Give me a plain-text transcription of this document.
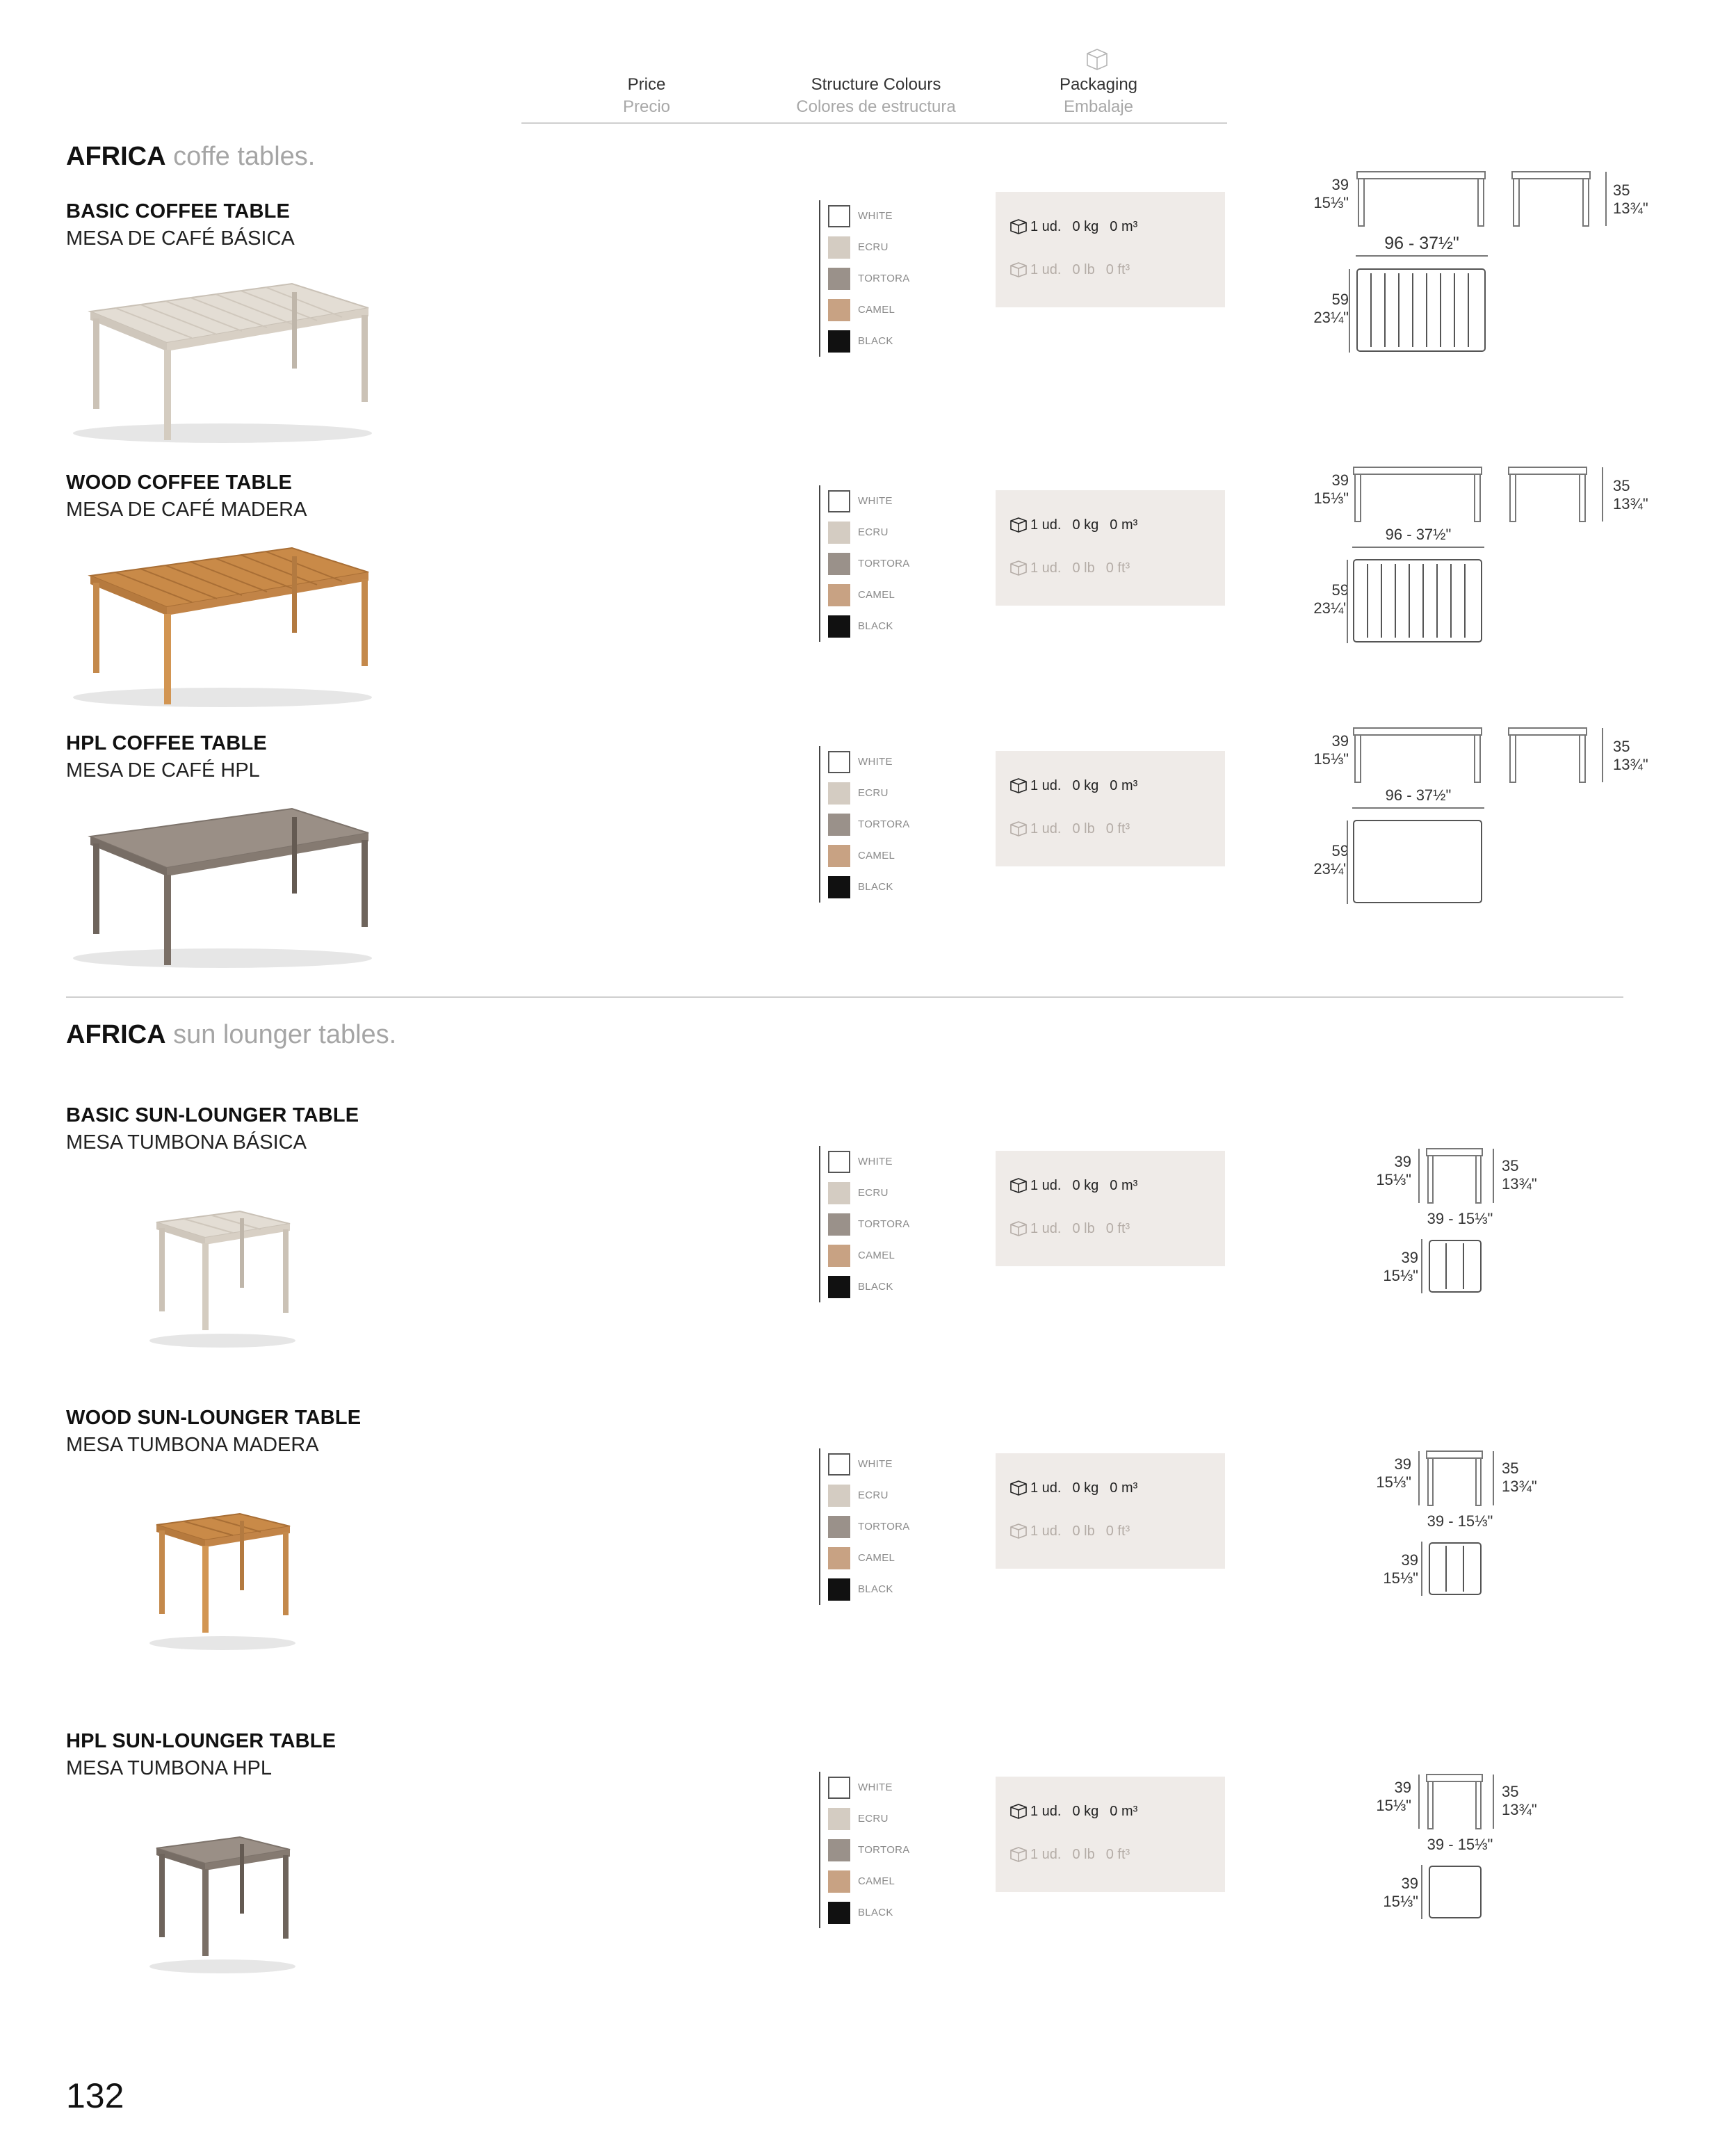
Price
Precio
Structure Colours
Colores de estructura
Packaging
Embalaje
AFRICA coffe tables.
AFRICA sun lounger tables.
BASIC COFFEE TABLE
MESA DE CAFÉ BÁSICA
WHITE
ECRU
TORTORA
CAMEL
BLACK
1 ud. 0 kg 0 m³
1 ud. 0 lb 0 ft³
39
15⅓"
35
13¾"
96 - 37½"
59
23¼"
WOOD COFFEE TABLE
MESA DE CAFÉ MADERA	WHITE
ECRU
TORTORA
CAMEL
BLACK
1 ud. 0 kg 0 m³
1 ud. 0 lb 0 ft³
39
15⅓"
35
13¾"
96 - 37½"
59
23¼"
HPL COFFEE TABLE
MESA DE CAFÉ HPL	WHITE
ECRU
TORTORA
CAMEL
BLACK
1 ud. 0 kg 0 m³
1 ud. 0 lb 0 ft³
39
15⅓"
35
13¾"
96 - 37½"
59
23¼"
BASIC SUN-LOUNGER TABLE
MESA TUMBONA BÁSICA
WHITE
ECRU
TORTORA
CAMEL
BLACK
1 ud. 0 kg 0 m³
1 ud. 0 lb 0 ft³
39
15⅓"
35
13¾"
39 - 15⅓"
39
15⅓"
WOOD SUN-LOUNGER TABLE
MESA TUMBONA MADERA
WHITE
ECRU
TORTORA
CAMEL
BLACK
1 ud. 0 kg 0 m³
1 ud. 0 lb 0 ft³
39
15⅓"
35
13¾"
39 - 15⅓"
39
15⅓"
HPL SUN-LOUNGER TABLE
MESA TUMBONA HPL
WHITE
ECRU
TORTORA
CAMEL
BLACK
1 ud. 0 kg 0 m³
1 ud. 0 lb 0 ft³
39
15⅓"
35
13¾"
39 - 15⅓"
39
15⅓"
132
